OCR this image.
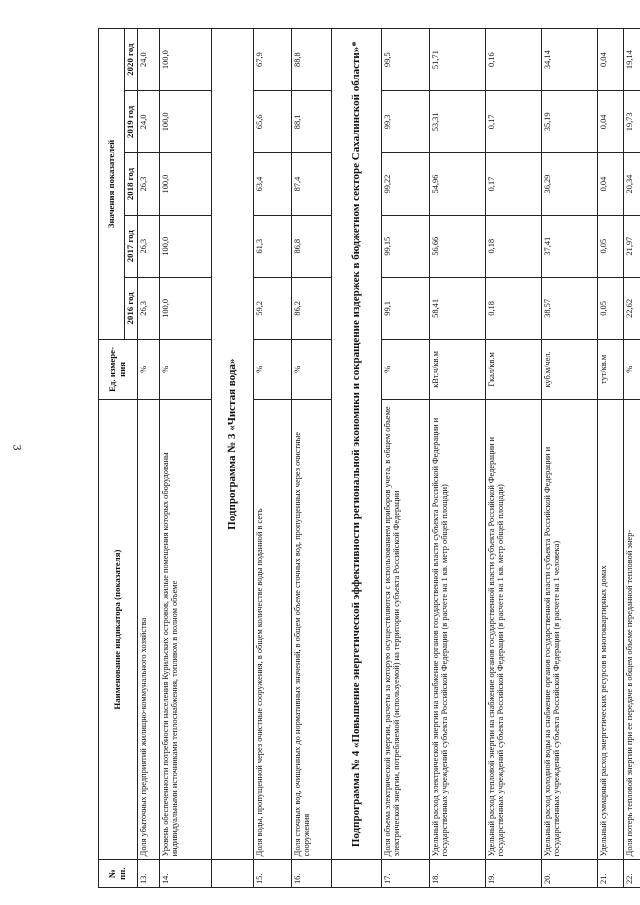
3
№ пп.	Наименование индикатора (показателя)	Ед. измере-ния	Значения показателей				
			2016 год	2017 год	2018 год	2019 год	2020 год
13.	Доля убыточных предприятий жилищно-коммунального хозяйства	%	26,3	26,3	26,3	24,0	24,0
14.	Уровень обеспеченности потребности населения Курильских островов, жилые помещения которых оборудованы индивидуальными источниками теплоснабжения, топливом в полном объеме	%	100,0	100,0	100,0	100,0	100,0
	Подпрограмма № 3 «Чистая вода»						
15.	Доля воды, пропущенной через очистные сооружения, в общем количестве воды поданной в сеть	%	59,2	61,3	63,4	65,6	67,9
16.	Доля сточных вод, очищенных до нормативных значений, в общем объеме сточных вод, пропущенных через очистные сооружения	%	86,2	86,8	87,4	88,1	88,8
	Подпрограмма № 4 «Повышение энергетической эффективности региональной экономики и сокращение издержек в бюджетном секторе Сахалинской области»*						
17.	Доля объема электрической энергии, расчеты за которую осуществляются с использованием приборов учета, в общем объеме электрической энергии, потребляемой (используемой) на территории субъекта Российской Федерации	%	99,1	99,15	99,22	99,3	99,5
18.	Удельный расход электрической энергии на снабжение органов государственной власти субъекта Российской Федерации и государственных учреждений субъекта Российской Федерации (в расчете на 1 кв. метр общей площади)	кВт.ч/кв.м	58,41	56,66	54,96	53,31	51,71
19.	Удельный расход тепловой энергии на снабжение органов государственной власти субъекта Российской Федерации и государственных учреждений субъекта Российской Федерации (в расчете на 1 кв. метр общей площади)	Гкал/кв.м	0,18	0,18	0,17	0,17	0,16
20.	Удельный расход холодной воды на снабжение органов государственной власти субъекта Российской Федерации и государственных учреждений субъекта Российской Федерации (в расчете на 1 человека)	куб.м/чел.	38,57	37,41	36,29	35,19	34,14
21.	Удельный суммарный расход энергетических ресурсов в многоквартирных домах	тут/кв.м	0,05	0,05	0,04	0,04	0,04
22.	Доля потерь тепловой энергии при ее передаче в общем объеме переданной тепловой энер-	%	22,62	21,97	20,34	19,73	19,14
